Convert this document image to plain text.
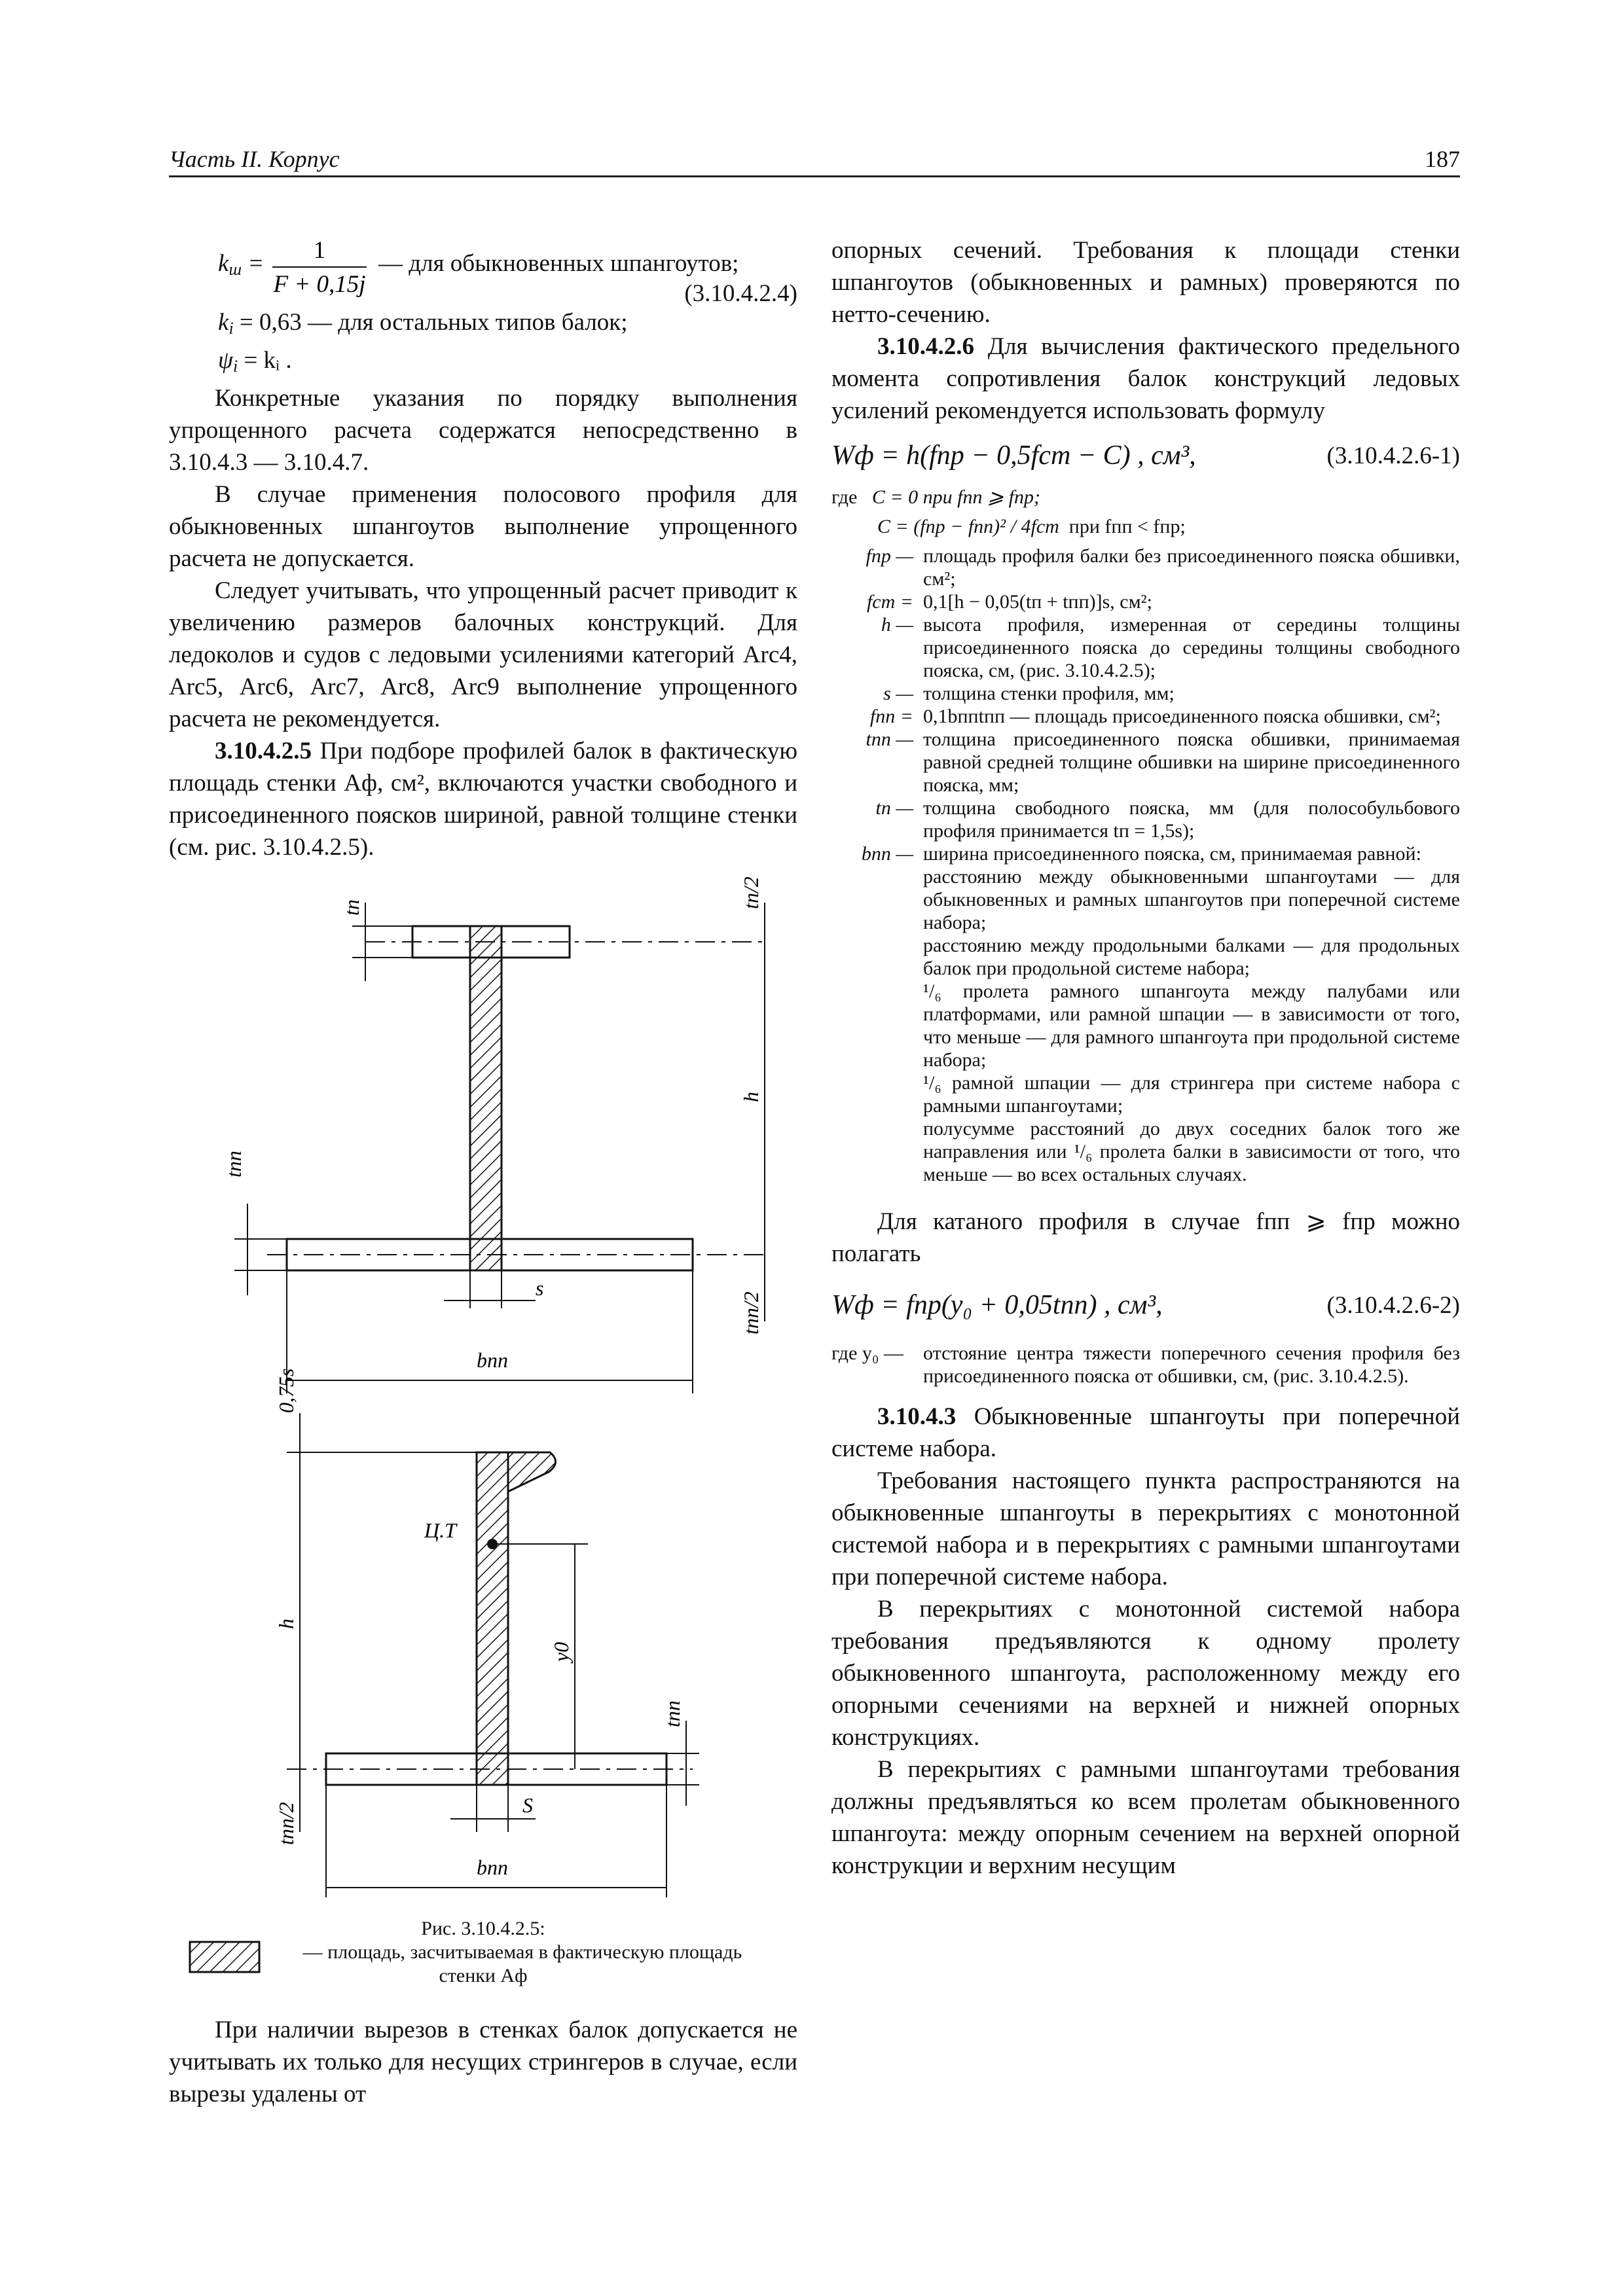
Часть II. Корпус	187
$k_ш = 1$
F + 0,15j
— для обыкновенных шпангоутов;
(3.10.4.2.4)

$k_i = 0,63$ — для остальных типов балок;

$\psi_i$ = kᵢ .

Конкретные указания по порядку выполнения упрощенного расчета содержатся непосредственно в 3.10.4.3 — 3.10.4.7.

В случае применения полосового профиля для обыкновенных шпангоутов выполнение упрощенного расчета не допускается.

Следует учитывать, что упрощенный расчет приводит к увеличению размеров балочных конструкций. Для ледоколов и судов с ледовыми усилениями категорий Arc4, Arc5, Arc6, Arc7, Arc8, Arc9 выполнение упрощенного расчета не рекомендуется.

3.10.4.2.5 При подборе профилей балок в фактическую площадь стенки Aф, см², включаются участки свободного и присоединенного поясков шириной, равной толщине стенки (см. рис. 3.10.4.2.5).

tп	tп/2
h
tпп/2
tпп
s
bпп
0,75s
h
Ц.Т
y0
tпп
tпп/2	S
bпп
Рис. 3.10.4.2.5:
— площадь, засчитываемая в фактическую площадь
стенки Aф

При наличии вырезов в стенках балок допускается не учитывать их только для несущих стрингеров в случае, если вырезы удалены от

опорных сечений. Требования к площади стенки шпангоутов (обыкновенных и рамных) проверяются по нетто-сечению.

3.10.4.2.6 Для вычисления фактического предельного момента сопротивления балок конструкций ледовых усилений рекомендуется использовать формулу

Wф = h(fпр − 0,5fст − C) , см³,	(3.10.4.2.6-1)
где C = 0 при fпп ⩾ fпр;
C = (fпр − fпп)² / 4fст при fпп < fпр;
fпр — площадь профиля балки без присоединенного пояска обшивки, см²;
fст = 0,1[h − 0,05(tп + tпп)]s, см²;
h — высота профиля, измеренная от середины толщины присоединенного пояска до середины толщины свободного пояска, см, (рис. 3.10.4.2.5);
s — толщина стенки профиля, мм;
fпп = 0,1bппtпп — площадь присоединенного пояска обшивки, см²;
tпп — толщина присоединенного пояска обшивки, принимаемая равной средней толщине обшивки на ширине присоединенного пояска, мм;
tп — толщина свободного пояска, мм (для полособульбового профиля принимается tп = 1,5s);
bпп — ширина присоединенного пояска, см, принимаемая равной:
расстоянию между обыкновенными шпангоутами — для обыкновенных и рамных шпангоутов при поперечной системе набора;
расстоянию между продольными балками — для продольных балок при продольной системе набора;
¹/₆ пролета рамного шпангоута между палубами или платформами, или рамной шпации — в зависимости от того, что меньше — для рамного шпангоута при продольной системе набора;
¹/₆ рамной шпации — для стрингера при системе набора с рамными шпангоутами;
полусумме расстояний до двух соседних балок того же направления или ¹/₆ пролета балки в зависимости от того, что меньше — во всех остальных случаях.

Для катаного профиля в случае fпп ⩾ fпр можно полагать

Wф = fпр(y₀ + 0,05tпп) , см³,	(3.10.4.2.6-2)
где y₀ —	отстояние центра тяжести поперечного сечения профиля без присоединенного пояска от обшивки, см, (рис. 3.10.4.2.5).

3.10.4.3 Обыкновенные шпангоуты при поперечной системе набора.

Требования настоящего пункта распространяются на обыкновенные шпангоуты в перекрытиях с монотонной системой набора и в перекрытиях с рамными шпангоутами при поперечной системе набора.

В перекрытиях с монотонной системой набора требования предъявляются к одному пролету обыкновенного шпангоута, расположенному между его опорными сечениями на верхней и нижней опорных конструкциях.

В перекрытиях с рамными шпангоутами требования должны предъявляться ко всем пролетам обыкновенного шпангоута: между опорным сечением на верхней опорной конструкции и верхним несущим
